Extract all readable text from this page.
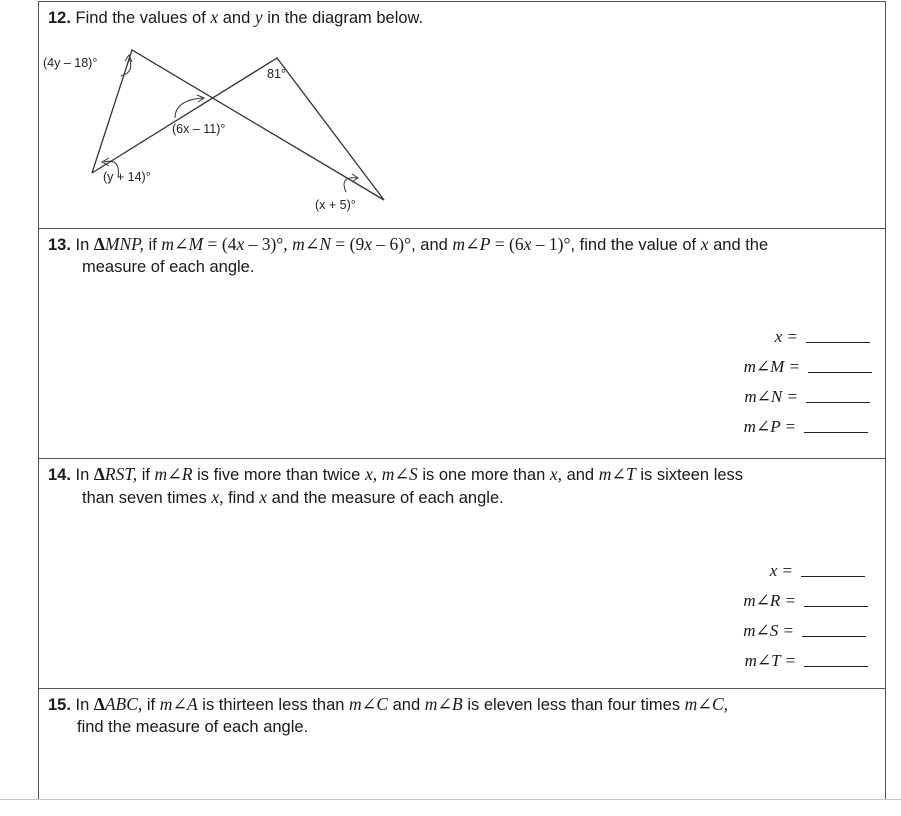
12. Find the values of x and y in the diagram below.
(4y – 18)°
81°
(6x – 11)°
(y + 14)°
(x + 5)°
13. In ΔMNP, if m∠M = (4x – 3)°, m∠N = (9x – 6)°, and m∠P = (6x – 1)°, find the value of x and the
measure of each angle.
x =
m∠M =
m∠N =
m∠P =
14. In ΔRST, if m∠R is five more than twice x, m∠S is one more than x, and m∠T is sixteen less
than seven times x, find x and the measure of each angle.
x =
m∠R =
m∠S =
m∠T =
15. In ΔABC, if m∠A is thirteen less than m∠C and m∠B is eleven less than four times m∠C,
find the measure of each angle.
